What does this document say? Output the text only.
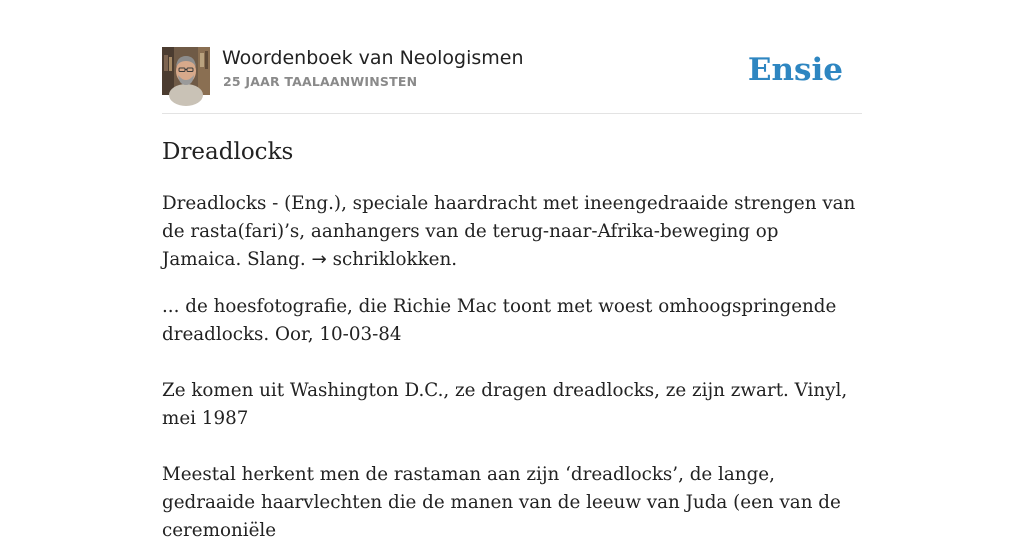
Woordenboek van Neologismen
25 JAAR TAALAANWINSTEN	Ensie
Dreadlocks

Dreadlocks - (Eng.), speciale haardracht met ineengedraaide strengen van de rasta(fari)’s, aanhangers van de terug-naar-Afrika-beweging op Jamaica. Slang. → schriklokken.

... de hoesfotografie, die Richie Mac toont met woest omhoogspringende dreadlocks. Oor, 10-03-84

Ze komen uit Washington D.C., ze dragen dreadlocks, ze zijn zwart. Vinyl, mei 1987

Meestal herkent men de rastaman aan zijn ‘dreadlocks’, de lange, gedraaide haarvlechten die de manen van de leeuw van Juda (een van de ceremoniële
